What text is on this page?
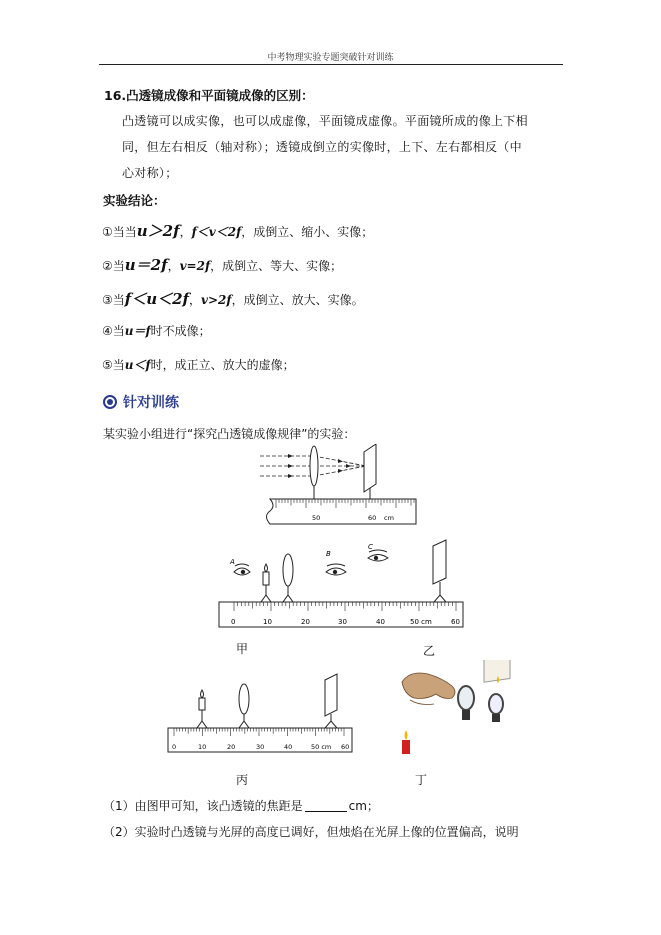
中考物理实验专题突破针对训练
16.凸透镜成像和平面镜成像的区别：
凸透镜可以成实像，也可以成虚像，平面镜成虚像。平面镜所成的像上下相
同，但左右相反（轴对称）；透镜成倒立的实像时，上下、左右都相反（中
心对称）；
实验结论：
①当当u＞2f，f＜v＜2f，成倒立、缩小、实像；
②当u＝2f，v=2f，成倒立、等大、实像；
③当f＜u＜2f，v>2f，成倒立、放大、实像。
④当u＝f时不成像；
⑤当u＜f时，成正立、放大的虚像；
针对训练
某实验小组进行“探究凸透镜成像规律”的实验：
50	60 cm
A
B
C
0	10	20	30	40	50 cm	60
甲	乙
0	10	20	30	40	50 cm 60
丙	丁
（1）由图甲可知，该凸透镜的焦距是	cm；
（2）实验时凸透镜与光屏的高度已调好，但烛焰在光屏上像的位置偏高，说明
